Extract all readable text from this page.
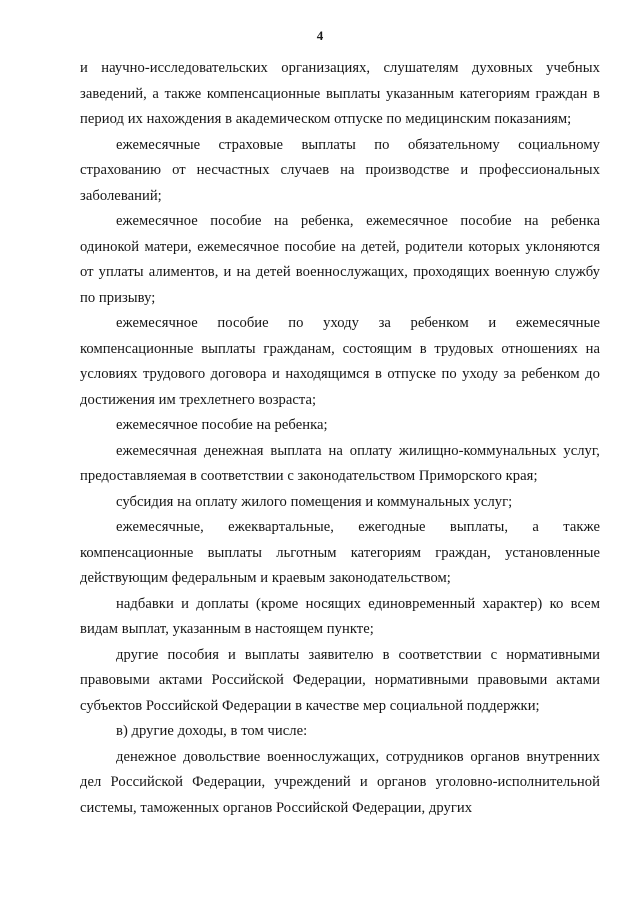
4

и научно-исследовательских организациях, слушателям духовных учебных заведений, а также компенсационные выплаты указанным категориям граждан в период их нахождения в академическом отпуске по медицинским показаниям;

ежемесячные страховые выплаты по обязательному социальному страхованию от несчастных случаев на производстве и профессиональных заболеваний;

ежемесячное пособие на ребенка, ежемесячное пособие на ребенка одинокой матери, ежемесячное пособие на детей, родители которых уклоняются от уплаты алиментов, и на детей военнослужащих, проходящих военную службу по призыву;

ежемесячное пособие по уходу за ребенком и ежемесячные компенсационные выплаты гражданам, состоящим в трудовых отношениях на условиях трудового договора и находящимся в отпуске по уходу за ребенком до достижения им трехлетнего возраста;

ежемесячное пособие на ребенка;

ежемесячная денежная выплата на оплату жилищно-коммунальных услуг, предоставляемая в соответствии с законодательством Приморского края;

субсидия на оплату жилого помещения и коммунальных услуг;

ежемесячные, ежеквартальные, ежегодные выплаты, а также компенсационные выплаты льготным категориям граждан, установленные действующим федеральным и краевым законодательством;

надбавки и доплаты (кроме носящих единовременный характер) ко всем видам выплат, указанным в настоящем пункте;

другие пособия и выплаты заявителю в соответствии с нормативными правовыми актами Российской Федерации, нормативными правовыми актами субъектов Российской Федерации в качестве мер социальной поддержки;

в) другие доходы, в том числе:

денежное довольствие военнослужащих, сотрудников органов внутренних дел Российской Федерации, учреждений и органов уголовно-исполнительной системы, таможенных органов Российской Федерации, других
